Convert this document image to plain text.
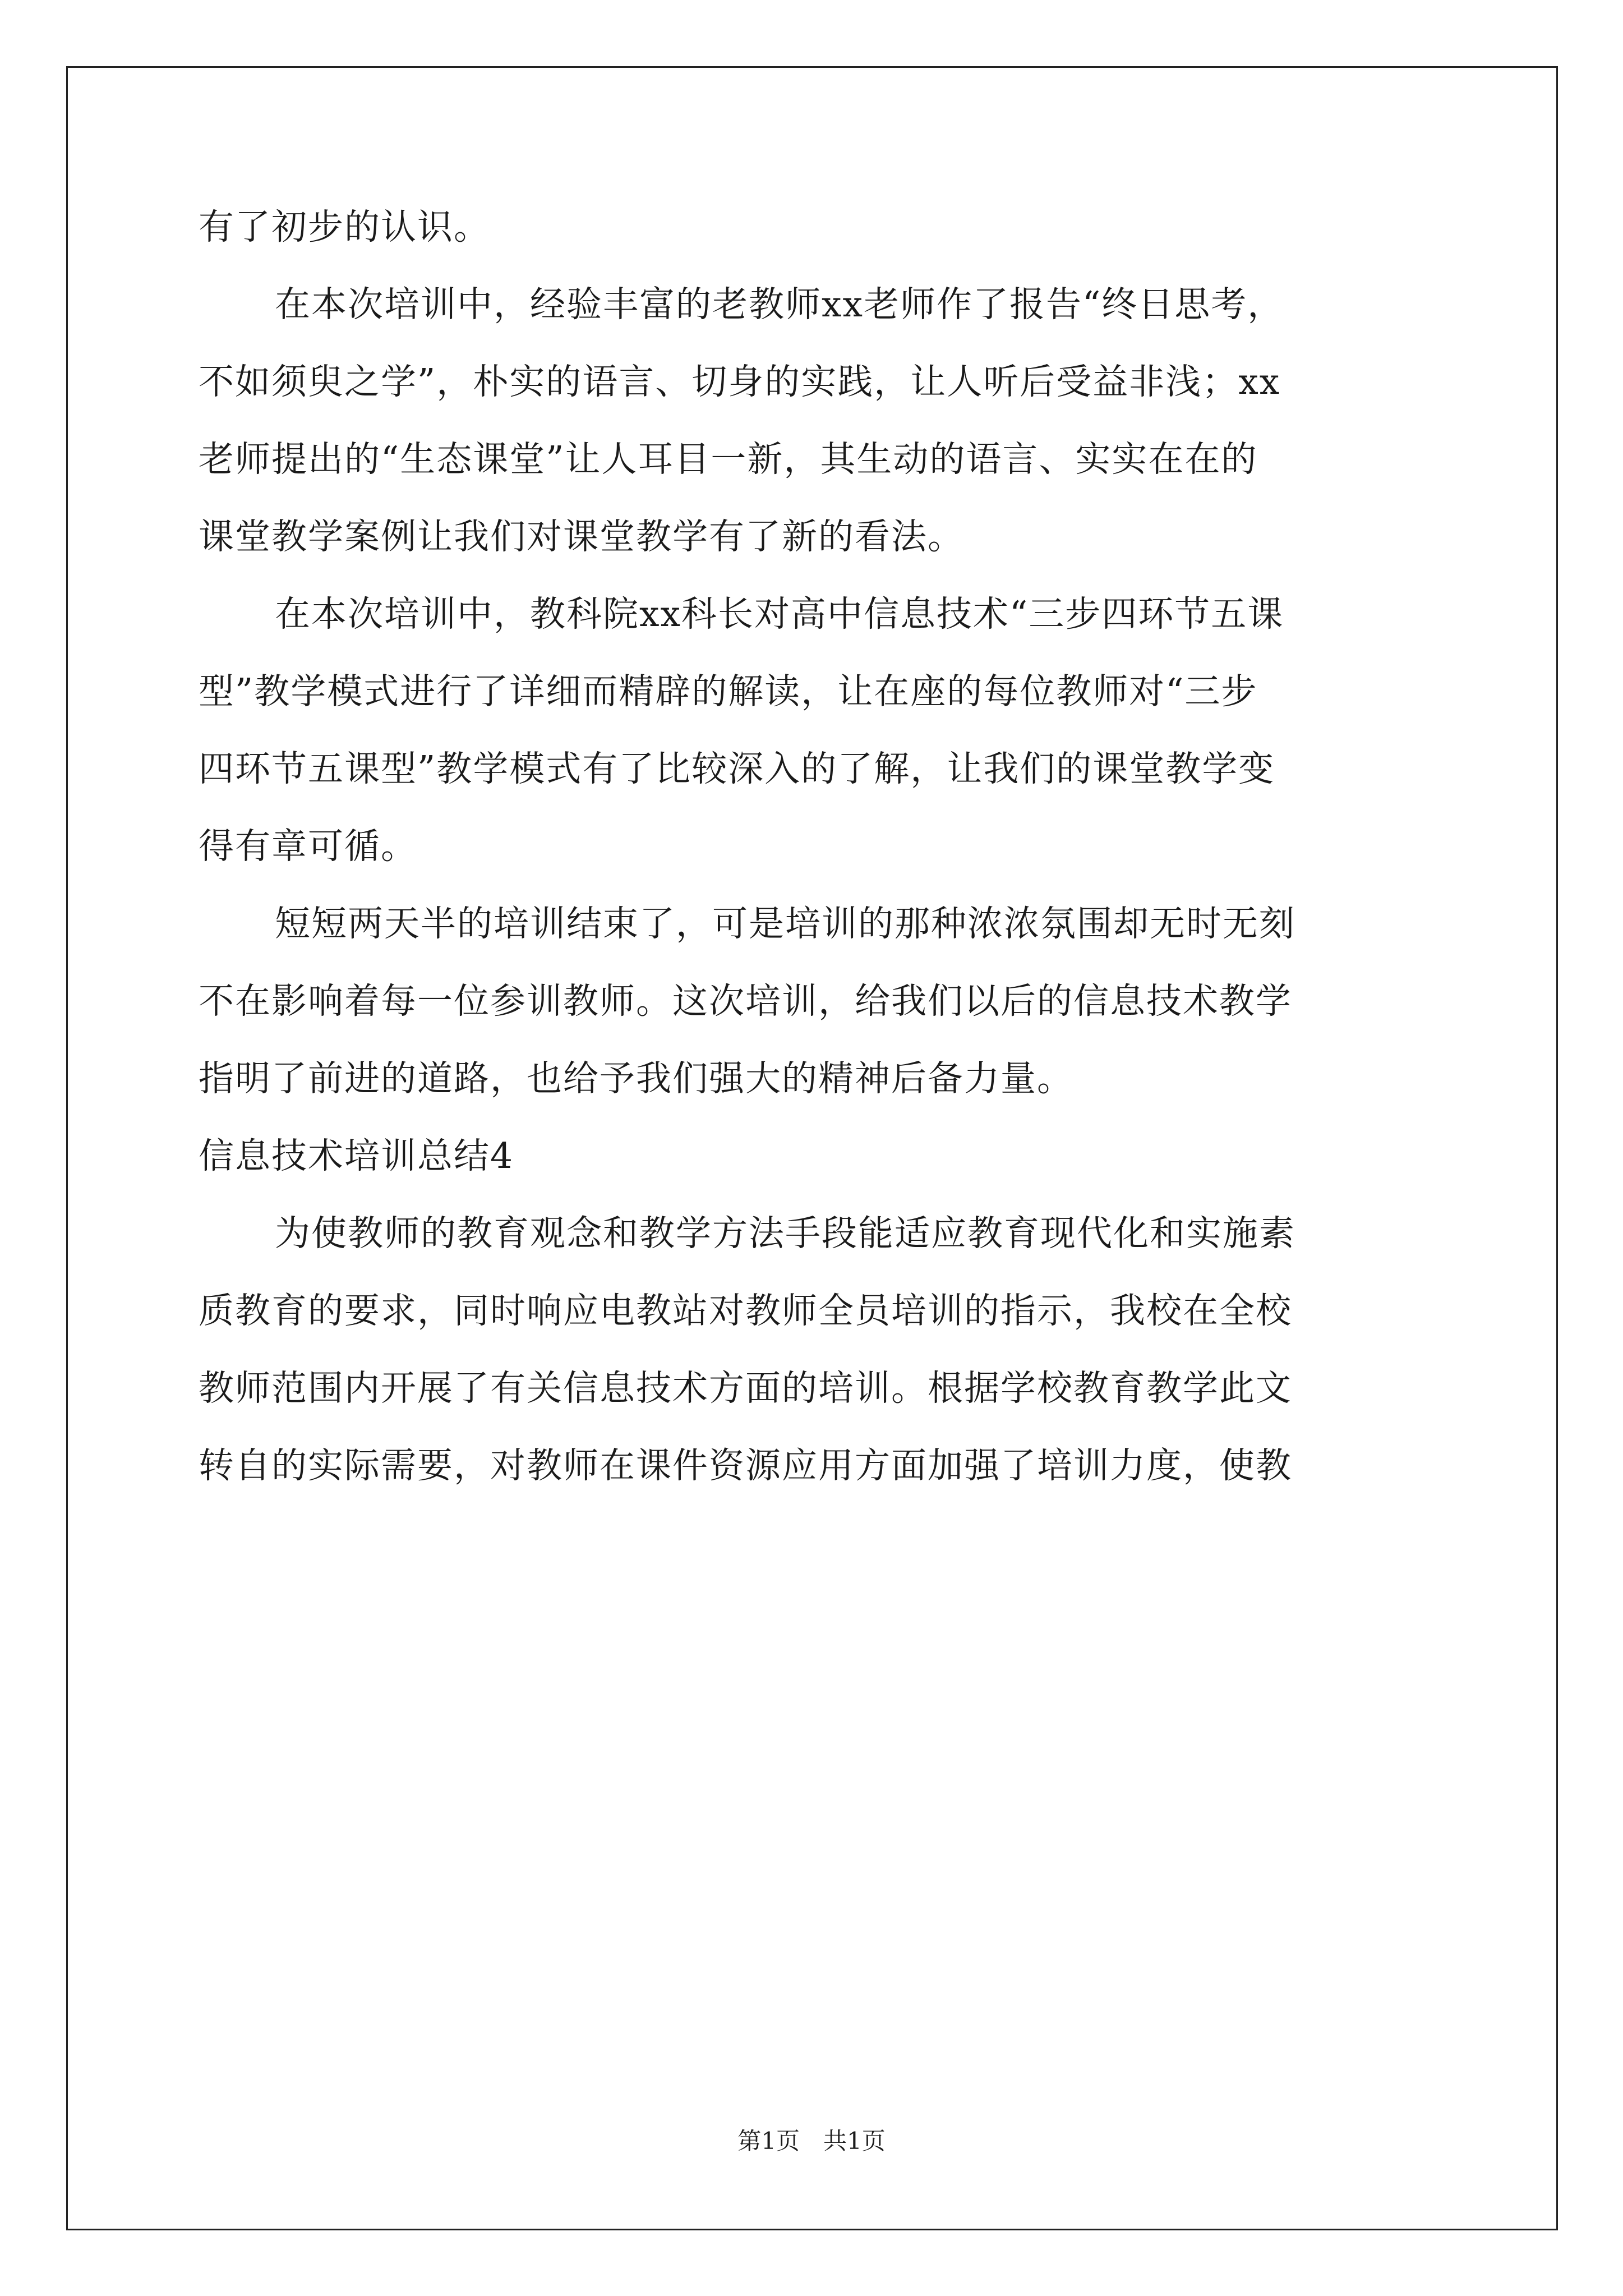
有了初步的认识。
在本次培训中，经验丰富的老教师xx老师作了报告“终日思考，
不如须臾之学”，朴实的语言、切身的实践，让人听后受益非浅；xx
老师提出的“生态课堂”让人耳目一新，其生动的语言、实实在在的
课堂教学案例让我们对课堂教学有了新的看法。
在本次培训中，教科院xx科长对高中信息技术“三步四环节五课
型”教学模式进行了详细而精辟的解读，让在座的每位教师对“三步
四环节五课型”教学模式有了比较深入的了解，让我们的课堂教学变
得有章可循。
短短两天半的培训结束了，可是培训的那种浓浓氛围却无时无刻
不在影响着每一位参训教师。这次培训，给我们以后的信息技术教学
指明了前进的道路，也给予我们强大的精神后备力量。
信息技术培训总结4
为使教师的教育观念和教学方法手段能适应教育现代化和实施素
质教育的要求，同时响应电教站对教师全员培训的指示，我校在全校
教师范围内开展了有关信息技术方面的培训。根据学校教育教学此文
转自的实际需要，对教师在课件资源应用方面加强了培训力度，使教
第1页 共1页
